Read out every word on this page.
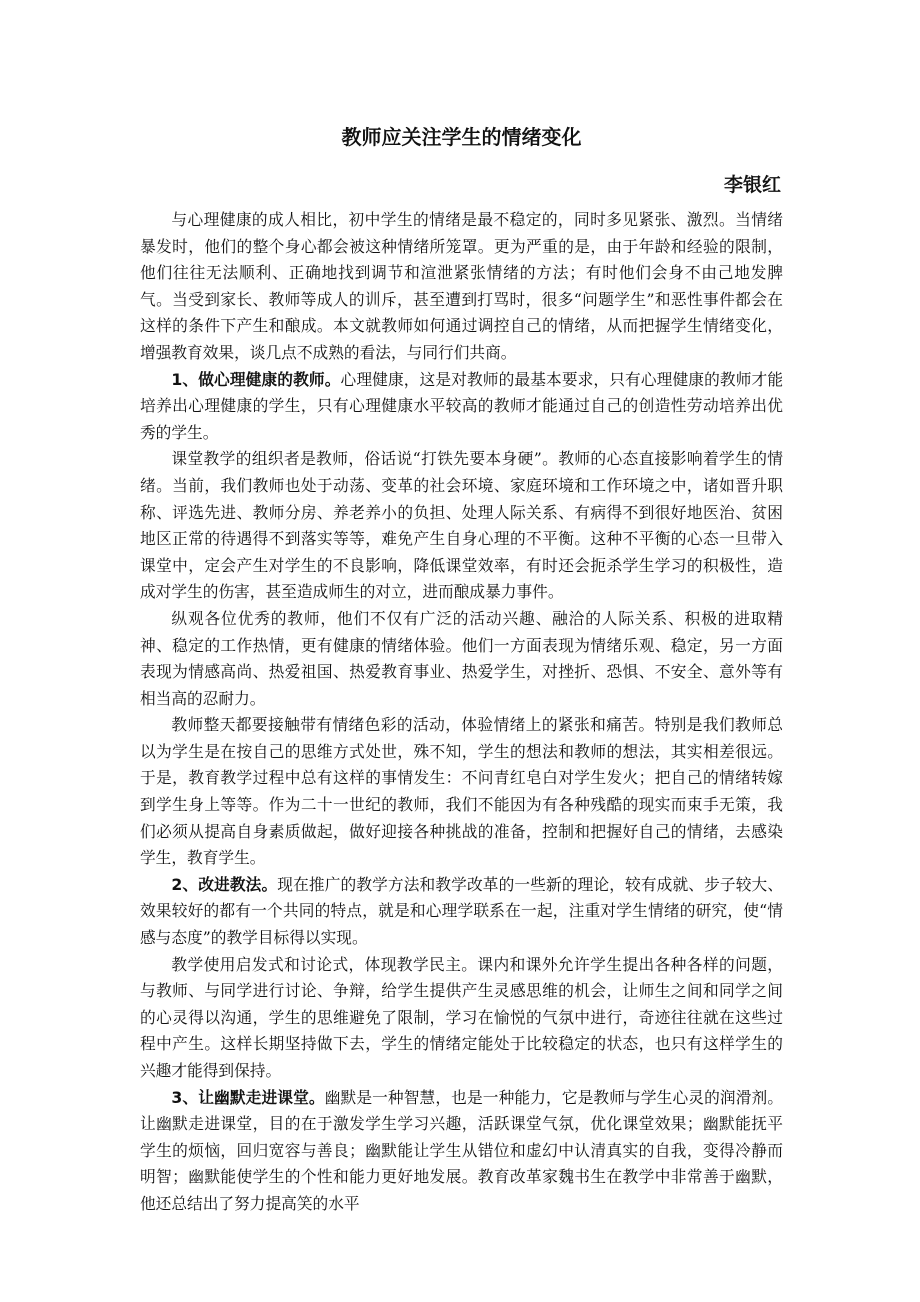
教师应关注学生的情绪变化
李银红

与心理健康的成人相比，初中学生的情绪是最不稳定的，同时多见紧张、激烈。当情绪暴发时，他们的整个身心都会被这种情绪所笼罩。更为严重的是，由于年龄和经验的限制，他们往往无法顺利、正确地找到调节和渲泄紧张情绪的方法；有时他们会身不由己地发脾气。当受到家长、教师等成人的训斥，甚至遭到打骂时，很多“问题学生”和恶性事件都会在这样的条件下产生和酿成。本文就教师如何通过调控自己的情绪，从而把握学生情绪变化，增强教育效果，谈几点不成熟的看法，与同行们共商。

1、做心理健康的教师。心理健康，这是对教师的最基本要求，只有心理健康的教师才能培养出心理健康的学生，只有心理健康水平较高的教师才能通过自己的创造性劳动培养出优秀的学生。

课堂教学的组织者是教师，俗话说“打铁先要本身硬”。教师的心态直接影响着学生的情绪。当前，我们教师也处于动荡、变革的社会环境、家庭环境和工作环境之中，诸如晋升职称、评选先进、教师分房、养老养小的负担、处理人际关系、有病得不到很好地医治、贫困地区正常的待遇得不到落实等等，难免产生自身心理的不平衡。这种不平衡的心态一旦带入课堂中，定会产生对学生的不良影响，降低课堂效率，有时还会扼杀学生学习的积极性，造成对学生的伤害，甚至造成师生的对立，进而酿成暴力事件。

纵观各位优秀的教师，他们不仅有广泛的活动兴趣、融洽的人际关系、积极的进取精神、稳定的工作热情，更有健康的情绪体验。他们一方面表现为情绪乐观、稳定，另一方面表现为情感高尚、热爱祖国、热爱教育事业、热爱学生，对挫折、恐惧、不安全、意外等有相当高的忍耐力。

教师整天都要接触带有情绪色彩的活动，体验情绪上的紧张和痛苦。特别是我们教师总以为学生是在按自己的思维方式处世，殊不知，学生的想法和教师的想法，其实相差很远。于是，教育教学过程中总有这样的事情发生：不问青红皂白对学生发火；把自己的情绪转嫁到学生身上等等。作为二十一世纪的教师，我们不能因为有各种残酷的现实而束手无策，我们必须从提高自身素质做起，做好迎接各种挑战的准备，控制和把握好自己的情绪，去感染学生，教育学生。

2、改进教法。现在推广的教学方法和教学改革的一些新的理论，较有成就、步子较大、效果较好的都有一个共同的特点，就是和心理学联系在一起，注重对学生情绪的研究，使“情感与态度”的教学目标得以实现。

教学使用启发式和讨论式，体现教学民主。课内和课外允许学生提出各种各样的问题，与教师、与同学进行讨论、争辩，给学生提供产生灵感思维的机会，让师生之间和同学之间的心灵得以沟通，学生的思维避免了限制，学习在愉悦的气氛中进行，奇迹往往就在这些过程中产生。这样长期坚持做下去，学生的情绪定能处于比较稳定的状态，也只有这样学生的兴趣才能得到保持。

3、让幽默走进课堂。幽默是一种智慧，也是一种能力，它是教师与学生心灵的润滑剂。让幽默走进课堂，目的在于激发学生学习兴趣，活跃课堂气氛，优化课堂效果；幽默能抚平学生的烦恼，回归宽容与善良；幽默能让学生从错位和虚幻中认清真实的自我，变得冷静而明智；幽默能使学生的个性和能力更好地发展。教育改革家魏书生在教学中非常善于幽默，他还总结出了努力提高笑的水平
